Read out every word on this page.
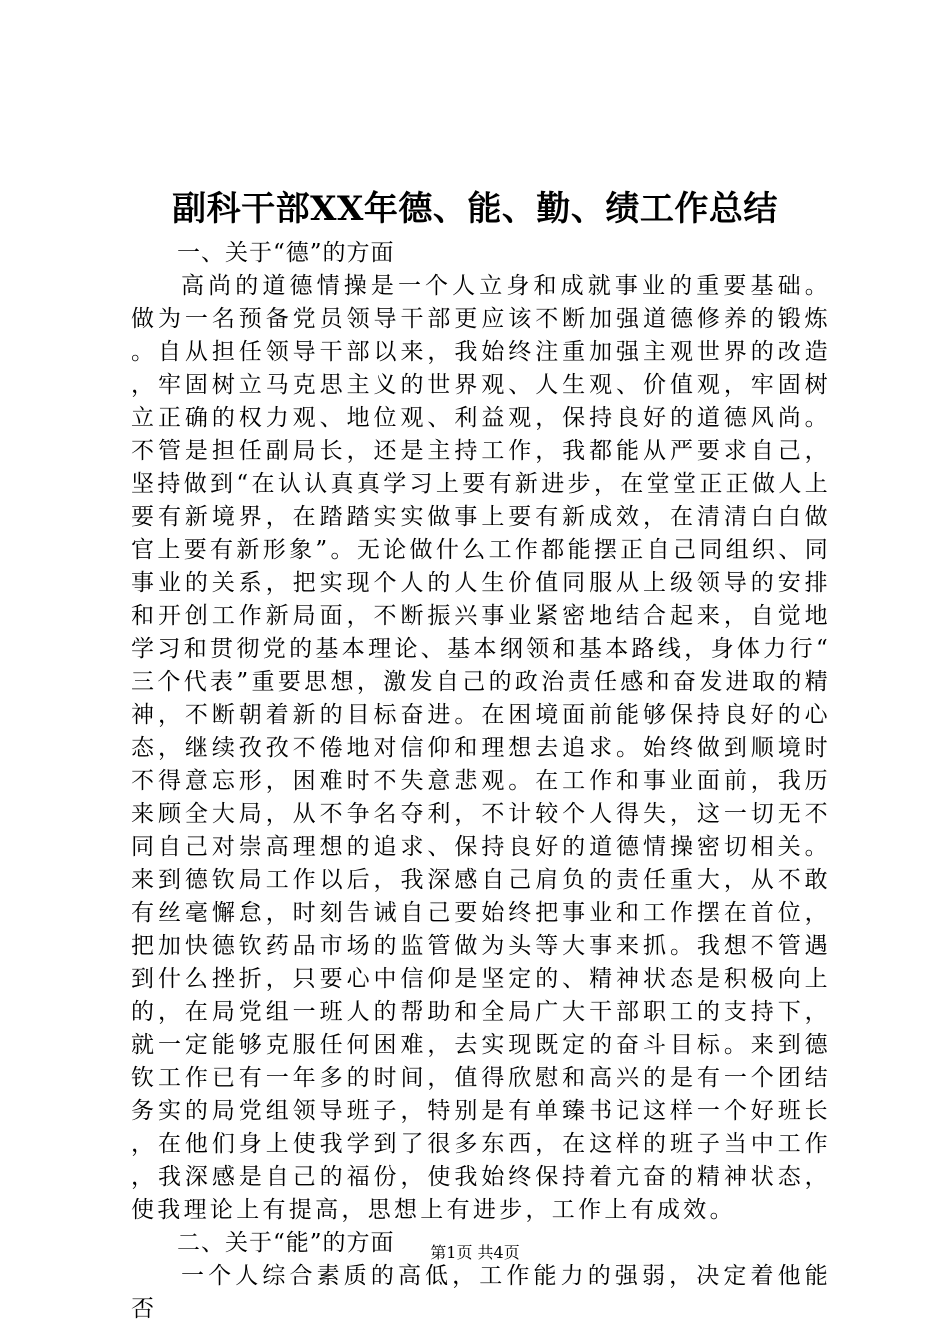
副科干部XX年德、能、勤、绩工作总结
一、关于“德”的方面

高尚的道德情操是一个人立身和成就事业的重要基础。做为一名预备党员领导干部更应该不断加强道德修养的锻炼。自从担任领导干部以来，我始终注重加强主观世界的改造，牢固树立马克思主义的世界观、人生观、价值观，牢固树立正确的权力观、地位观、利益观，保持良好的道德风尚。不管是担任副局长，还是主持工作，我都能从严要求自己，坚持做到“在认认真真学习上要有新进步，在堂堂正正做人上要有新境界，在踏踏实实做事上要有新成效，在清清白白做官上要有新形象”。无论做什么工作都能摆正自己同组织、同事业的关系，把实现个人的人生价值同服从上级领导的安排和开创工作新局面，不断振兴事业紧密地结合起来，自觉地学习和贯彻党的基本理论、基本纲领和基本路线，身体力行“三个代表”重要思想，激发自己的政治责任感和奋发进取的精神，不断朝着新的目标奋进。在困境面前能够保持良好的心态，继续孜孜不倦地对信仰和理想去追求。始终做到顺境时不得意忘形，困难时不失意悲观。在工作和事业面前，我历来顾全大局，从不争名夺利，不计较个人得失，这一切无不同自己对崇高理想的追求、保持良好的道德情操密切相关。来到德钦局工作以后，我深感自己肩负的责任重大，从不敢有丝毫懈怠，时刻告诫自己要始终把事业和工作摆在首位，把加快德钦药品市场的监管做为头等大事来抓。我想不管遇到什么挫折，只要心中信仰是坚定的、精神状态是积极向上的，在局党组一班人的帮助和全局广大干部职工的支持下，就一定能够克服任何困难，去实现既定的奋斗目标。来到德钦工作已有一年多的时间，值得欣慰和高兴的是有一个团结务实的局党组领导班子，特别是有单臻书记这样一个好班长，在他们身上使我学到了很多东西，在这样的班子当中工作，我深感是自己的福份，使我始终保持着亢奋的精神状态，使我理论上有提高，思想上有进步，工作上有成效。

二、关于“能”的方面

一个人综合素质的高低，工作能力的强弱，决定着他能否

第1页 共4页
